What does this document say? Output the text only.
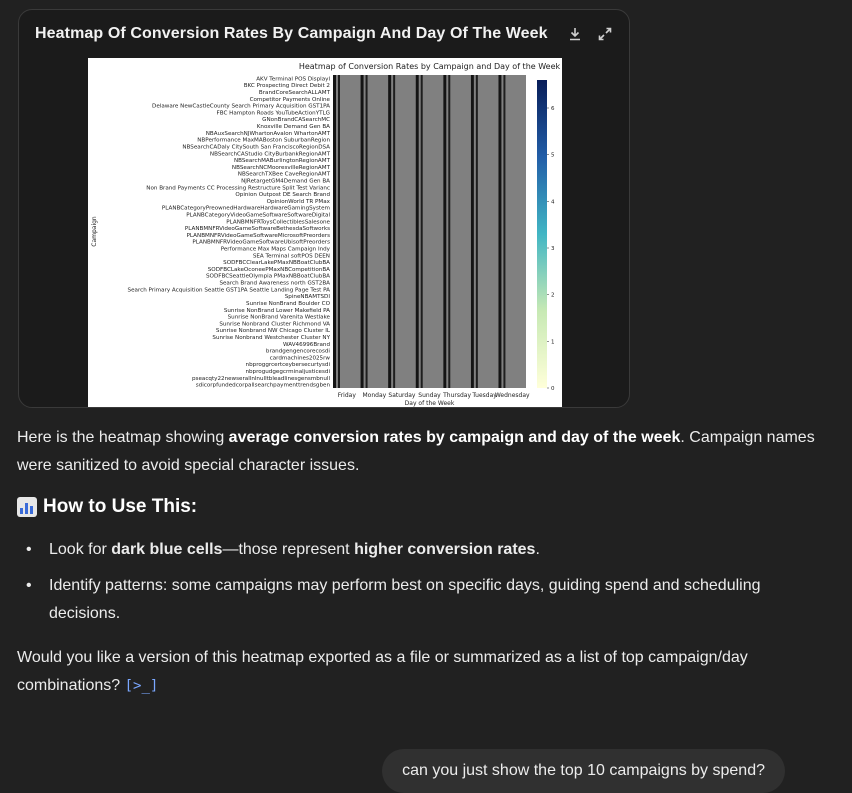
Heatmap Of Conversion Rates By Campaign And Day Of The Week
Heatmap of Conversion Rates by Campaign and Day of the Week
AKV Terminal POS Displayl
BKC Prospecting Direct Debit 2
BrandCoreSearchALLAMT
Competitor Payments Online
Delaware NewCastleCounty Search Primary Acquisition GST1PA
FBC Hampton Roads YouTubeActionYTLG
GNonBrandCASearchMC
Knoxville Demand Gen BA
NBAuxSearchNJWhartonAvalon WhartonAMT
NBPerformance MaxMABoston SuburbanRegion
NBSearchCADaly CitySouth San FranciscoRegionDSA
NBSearchCAStudio CityBurbankRegionAMT
NBSearchMABurlingtonRegionAMT
NBSearchNCMooresvilleRegionAMT
NBSearchTXBee CaveRegionAMT
NJRetargetGM4Demand Gen BA
Non Brand Payments CC Processing Restructure Split Test Varianc
Opinion Outpost DE Search Brand
OpinionWorld TR PMax
PLANBCategoryPreownedHardwareHardwareGamingSystem
PLANBCategoryVideoGameSoftwareSoftwareDigital
PLANBMNFRToysCollectiblesSalesone
PLANBMNFRVideoGameSoftwareBethesdaSoftworks
PLANBMNFRVideoGameSoftwareMicrosoftPreorders
PLANBMNFRVideoGameSoftwareUbisoftPreorders
Performance Max Maps Campaign Indy
SEA Terminal softPOS DEEN
SODFBCClearLakePMaxNBBoatClubBA
SODFBCLakeOconeePMaxNBCompetitionBA
SODFBCSeattleOlympia PMaxNBBoatClubBA
Search Brand Awareness north GST2BA
Search Primary Acquisition Seattle GST1PA Seattle Landing Page Test PA
SpineNBAMTSDI
Sunrise NonBrand Boulder CO
Sunrise NonBrand Lower Makefield PA
Sunrise NonBrand Varenita Westlake
Sunrise Nonbrand Cluster Richmond VA
Sunrise Nonbrand NW Chicago Cluster IL
Sunrise Nonbrand Westchester Cluster NY
WAV46996Brand
brandgengencorecosdi
cardmachines2025rw
nbproggrcertceybersecurtysdi
nbprogudgegcrminaljusticesdi
pseacqty22newserallnlnulltbleadlinesgensmbnull
sdicorpfundedcorpallsearchpaymenttrendsgben
Campaign
Friday Monday Saturday Sunday Thursday Tuesday
Wednesday
Day of the Week
0
1
2
3
4
5
6
Here is the heatmap showing average conversion rates by campaign and day of the week. Campaign names were sanitized to avoid special character issues.
How to Use This:
• Look for dark blue cells—those represent higher conversion rates.
• Identify patterns: some campaigns may perform best on specific days, guiding spend and scheduling decisions.
Would you like a version of this heatmap exported as a file or summarized as a list of top campaign/day combinations? [>_]
can you just show the top 10 campaigns by spend?
